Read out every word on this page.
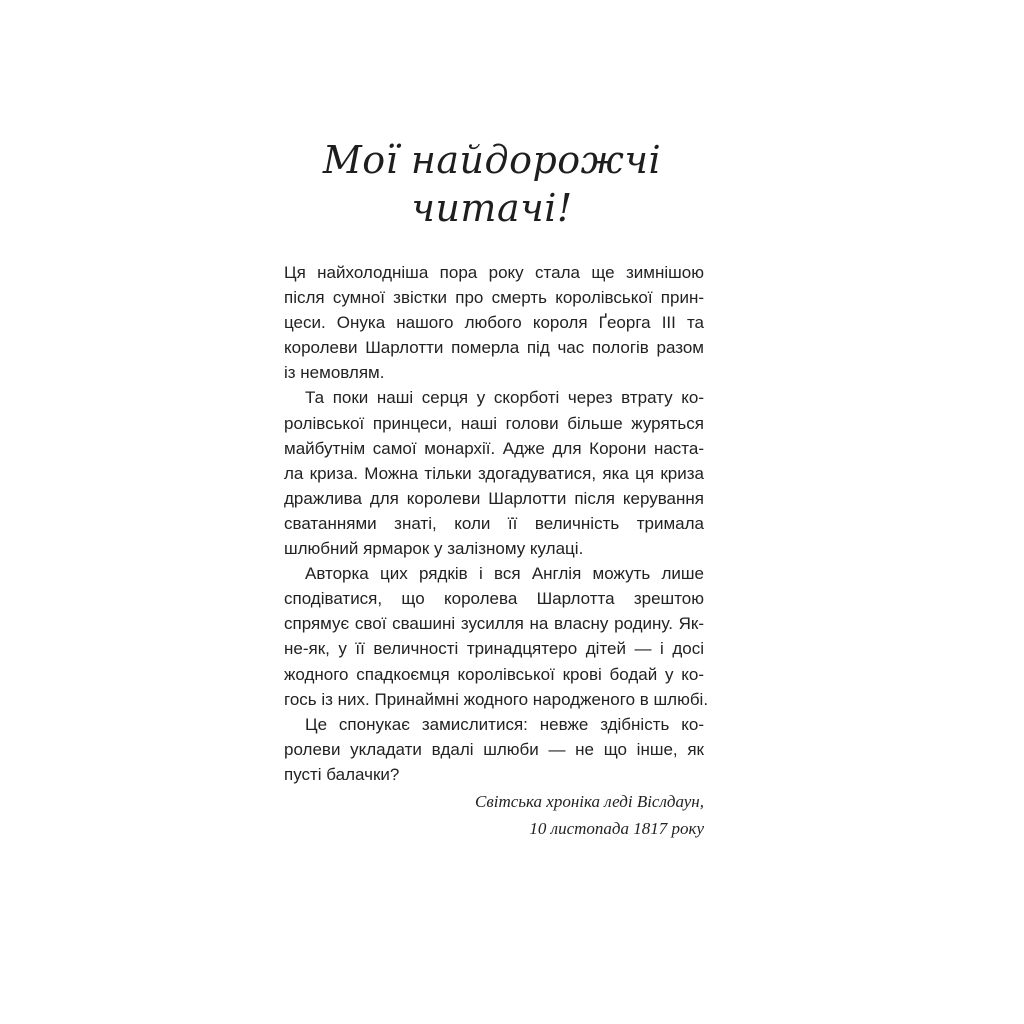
Мої найдорожчі читачі!
Ця найхолодніша пора року стала ще зимнішою
після сумної звістки про смерть королівської прин-
цеси. Онука нашого любого короля Ґеорга III та
королеви Шарлотти померла під час пологів разом
із немовлям.
Та поки наші серця у скорботі через втрату ко-
ролівської принцеси, наші голови більше журяться
майбутнім самої монархії. Адже для Корони наста-
ла криза. Можна тільки здогадуватися, яка ця криза
дражлива для королеви Шарлотти після керування
сватаннями знаті, коли її величність тримала
шлюбний ярмарок у залізному кулаці.
Авторка цих рядків і вся Англія можуть лише
сподіватися, що королева Шарлотта зрештою
спрямує свої свашині зусилля на власну родину. Як-
не-як, у її величності тринадцятеро дітей — і досі
жодного спадкоємця королівської крові бодай у ко-
гось із них. Принаймні жодного народженого в шлюбі.
Це спонукає замислитися: невже здібність ко-
ролеви укладати вдалі шлюби — не що інше, як
пусті балачки?
Світська хроніка леді Віслдаун,
10 листопада 1817 року
